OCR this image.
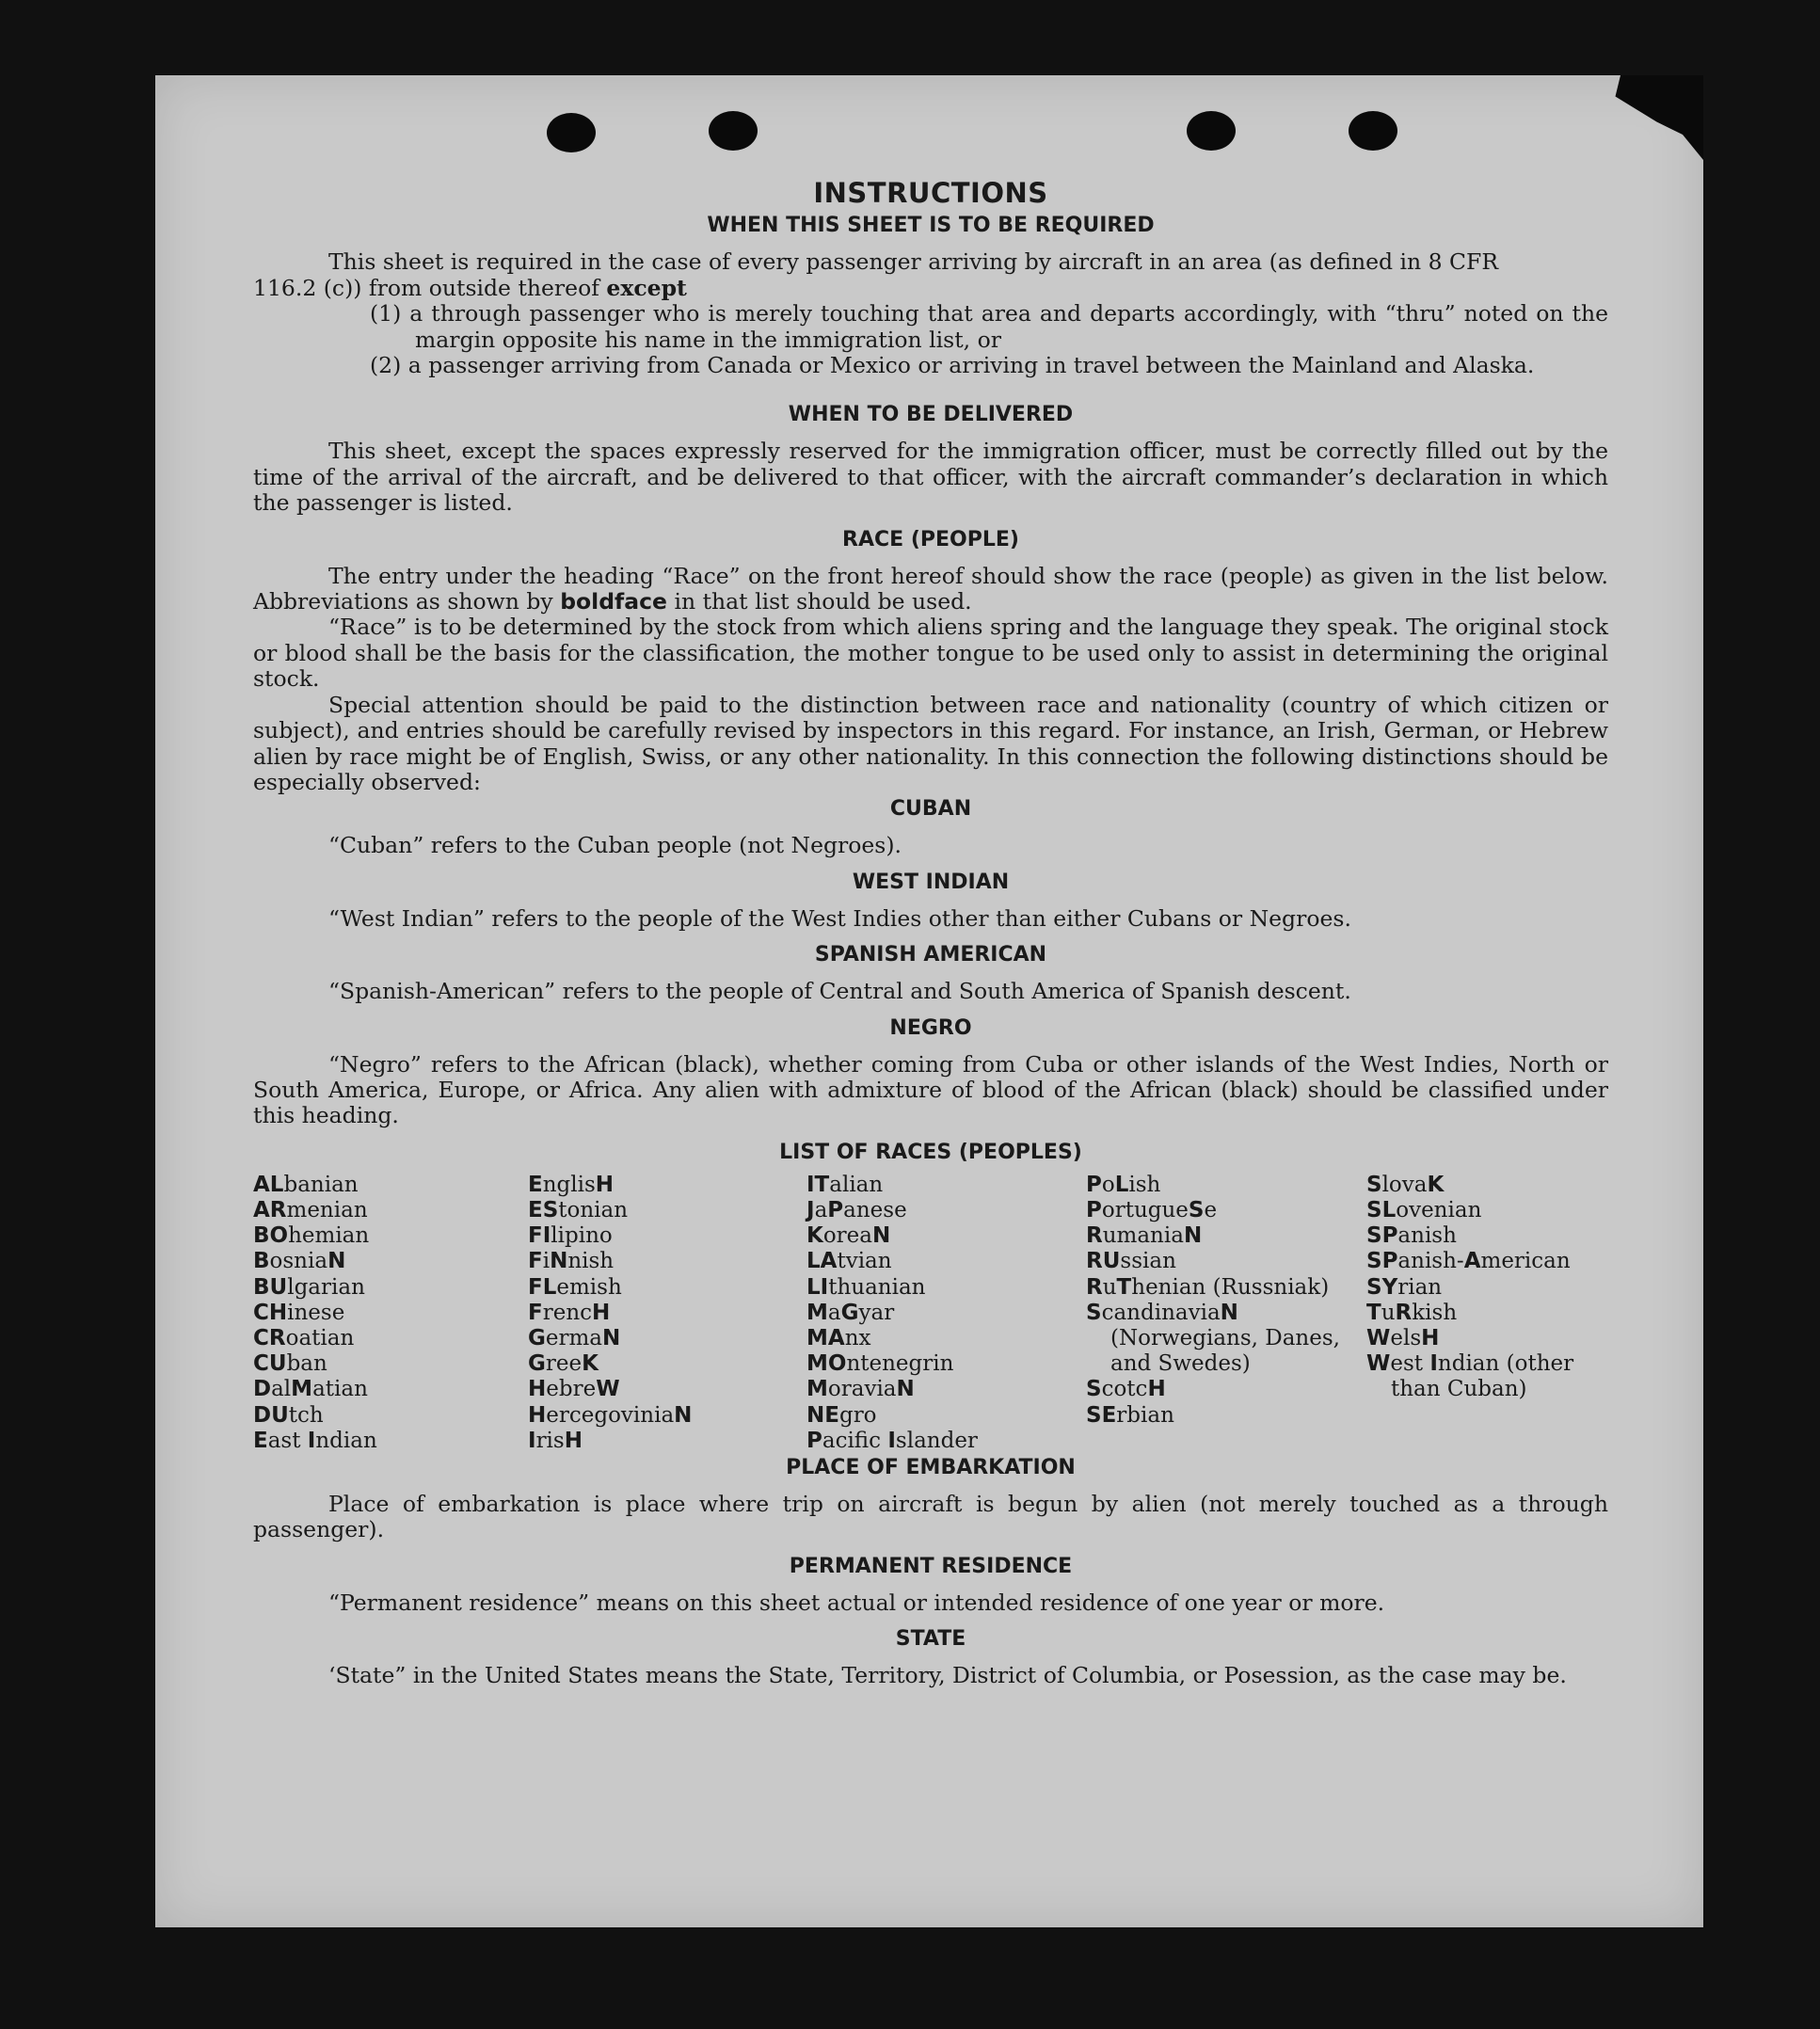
INSTRUCTIONS
WHEN THIS SHEET IS TO BE REQUIRED

This sheet is required in the case of every passenger arriving by aircraft in an area (as defined in 8 CFR

116.2 (c)) from outside thereof except

(1) a through passenger who is merely touching that area and departs accordingly, with “thru” noted on the margin opposite his name in the immigration list, or

(2) a passenger arriving from Canada or Mexico or arriving in travel between the Mainland and Alaska.

WHEN TO BE DELIVERED

This sheet, except the spaces expressly reserved for the immigration officer, must be correctly filled out by the time of the arrival of the aircraft, and be delivered to that officer, with the aircraft commander’s declaration in which the passenger is listed.

RACE (PEOPLE)

The entry under the heading “Race” on the front hereof should show the race (people) as given in the list below. Abbreviations as shown by boldface in that list should be used.

“Race” is to be determined by the stock from which aliens spring and the language they speak. The original stock or blood shall be the basis for the classification, the mother tongue to be used only to assist in determining the original stock.

Special attention should be paid to the distinction between race and nationality (country of which citizen or subject), and entries should be carefully revised by inspectors in this regard. For instance, an Irish, German, or Hebrew alien by race might be of English, Swiss, or any other nationality. In this connection the following distinctions should be especially observed:

CUBAN

“Cuban” refers to the Cuban people (not Negroes).

WEST INDIAN

“West Indian” refers to the people of the West Indies other than either Cubans or Negroes.

SPANISH AMERICAN

“Spanish-American” refers to the people of Central and South America of Spanish descent.

NEGRO

“Negro” refers to the African (black), whether coming from Cuba or other islands of the West Indies, North or South America, Europe, or Africa. Any alien with admixture of blood of the African (black) should be classified under this heading.

LIST OF RACES (PEOPLES)
ALbanian
ARmenian
BOhemian
BosniaN
BUlgarian
CHinese
CRoatian
CUban
DalMatian
DUtch
East Indian
EnglisH
EStonian
FIlipino
FiNnish
FLemish
FrencH
GermaN
GreeK
HebreW
HercegoviniaN
IrisH
ITalian
JaPanese
KoreaN
LAtvian
LIthuanian
MaGyar
MAnx
MOntenegrin
MoraviaN
NEgro
Pacific Islander
PoLish
PortugueSe
RumaniaN
RUssian
RuThenian (Russniak)
ScandinaviaN (Norwegians, Danes, and Swedes)
ScotcH
SErbian
SlovaK
SLovenian
SPanish
SPanish-American
SYrian
TuRkish
WelsH
West Indian (other than Cuban)
PLACE OF EMBARKATION

Place of embarkation is place where trip on aircraft is begun by alien (not merely touched as a through passenger).

PERMANENT RESIDENCE

“Permanent residence” means on this sheet actual or intended residence of one year or more.

STATE

‘State” in the United States means the State, Territory, District of Columbia, or Posession, as the case may be.
